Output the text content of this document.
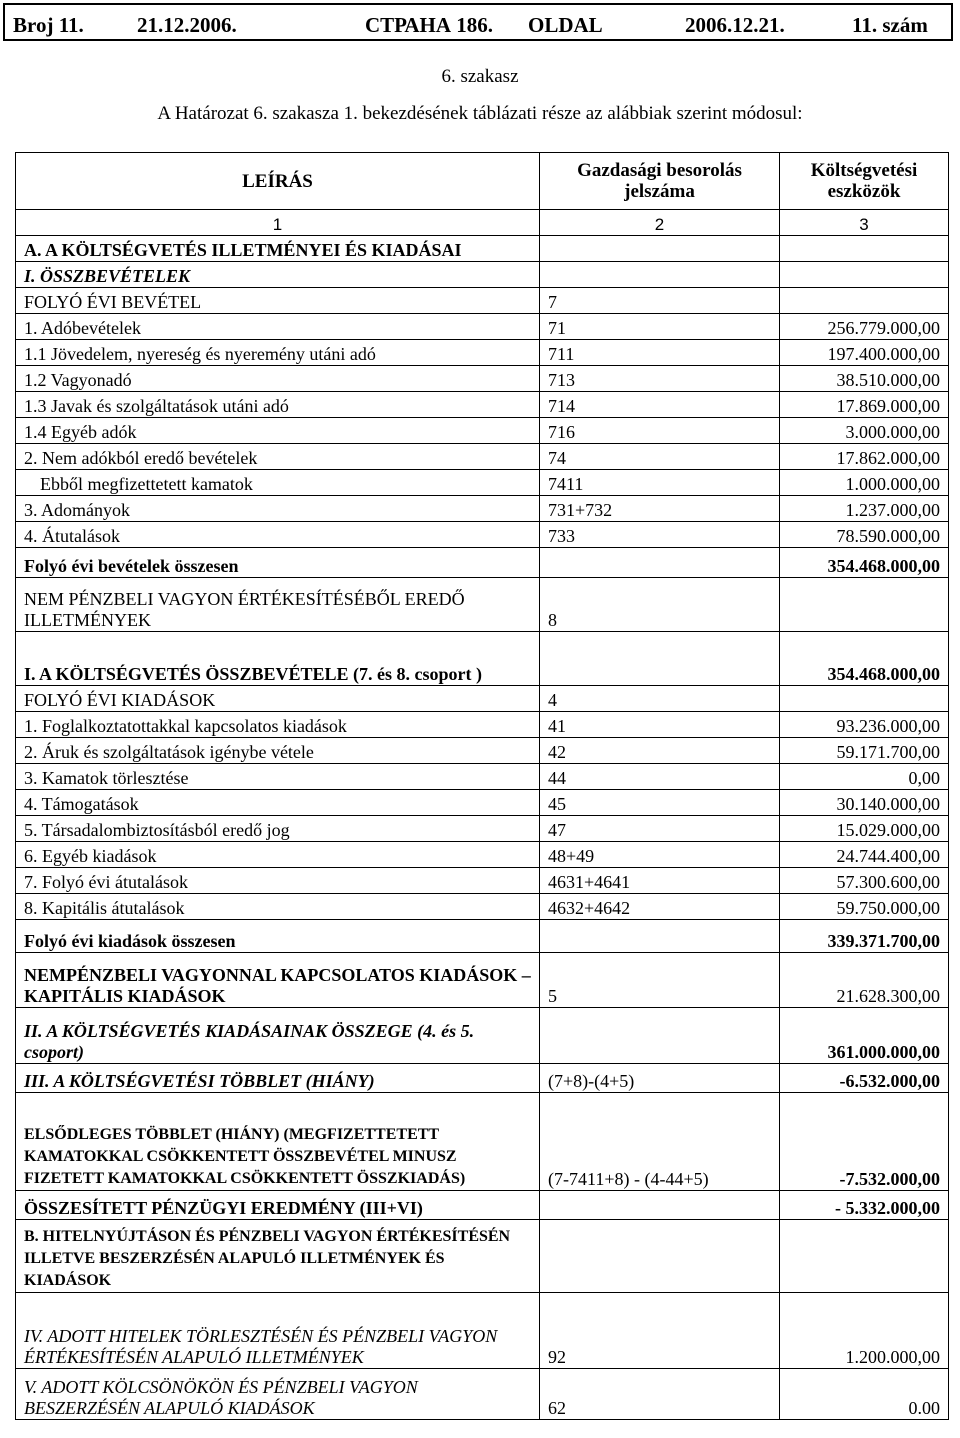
Broj 11.	21.12.2006.	СТРАНА 186. OLDAL	2006.12.21.	11. szám
6. szakasz
A Határozat 6. szakasza 1. bekezdésének táblázati része az alábbiak szerint módosul:
LEÍRÁS	Gazdasági besorolás jelszáma	Költségvetési eszközök
1	2	3
A. A KÖLTSÉGVETÉS ILLETMÉNYEI ÉS KIADÁSAI		
I. ÖSSZBEVÉTELEK		
FOLYÓ ÉVI BEVÉTEL	7	
1. Adóbevételek	71	256.779.000,00
1.1 Jövedelem, nyereség és nyeremény utáni adó	711	197.400.000,00
1.2 Vagyonadó	713	38.510.000,00
1.3 Javak és szolgáltatások utáni adó	714	17.869.000,00
1.4 Egyéb adók	716	3.000.000,00
2. Nem adókból eredő bevételek	74	17.862.000,00
Ebből megfizettetett kamatok	7411	1.000.000,00
3. Adományok	731+732	1.237.000,00
4. Átutalások	733	78.590.000,00
Folyó évi bevételek összesen		354.468.000,00
NEM PÉNZBELI VAGYON ÉRTÉKESÍTÉSÉBŐL EREDŐ ILLETMÉNYEK	8	
I. A KÖLTSÉGVETÉS ÖSSZBEVÉTELE (7. és 8. csoport )		354.468.000,00
FOLYÓ ÉVI KIADÁSOK	4	
1. Foglalkoztatottakkal kapcsolatos kiadások	41	93.236.000,00
2. Áruk és szolgáltatások igénybe vétele	42	59.171.700,00
3. Kamatok törlesztése	44	0,00
4. Támogatások	45	30.140.000,00
5. Társadalombiztosításból eredő jog	47	15.029.000,00
6. Egyéb kiadások	48+49	24.744.400,00
7. Folyó évi átutalások	4631+4641	57.300.600,00
8. Kapitális átutalások	4632+4642	59.750.000,00
Folyó évi kiadások összesen		339.371.700,00
NEMPÉNZBELI VAGYONNAL KAPCSOLATOS KIADÁSOK – KAPITÁLIS KIADÁSOK	5	21.628.300,00
II. A KÖLTSÉGVETÉS KIADÁSAINAK ÖSSZEGE (4. és 5. csoport)		361.000.000,00
III. A KÖLTSÉGVETÉSI TÖBBLET (HIÁNY)	(7+8)-(4+5)	-6.532.000,00
ELSŐDLEGES TÖBBLET (HIÁNY) (MEGFIZETTETETT KAMATOKKAL CSÖKKENTETT ÖSSZBEVÉTEL MINUSZ FIZETETT KAMATOKKAL CSÖKKENTETT ÖSSZKIADÁS)	(7-7411+8) - (4-44+5)	-7.532.000,00
ÖSSZESÍTETT PÉNZÜGYI EREDMÉNY (III+VI)		- 5.332.000,00
B. HITELNYÚJTÁSON ÉS PÉNZBELI VAGYON ÉRTÉKESÍTÉSÉN ILLETVE BESZERZÉSÉN ALAPULÓ ILLETMÉNYEK ÉS KIADÁSOK		
IV. ADOTT HITELEK TÖRLESZTÉSÉN ÉS PÉNZBELI VAGYON ÉRTÉKESÍTÉSÉN ALAPULÓ ILLETMÉNYEK	92	1.200.000,00
V. ADOTT KÖLCSÖNÖKÖN ÉS PÉNZBELI VAGYON BESZERZÉSÉN ALAPULÓ KIADÁSOK	62	0.00
